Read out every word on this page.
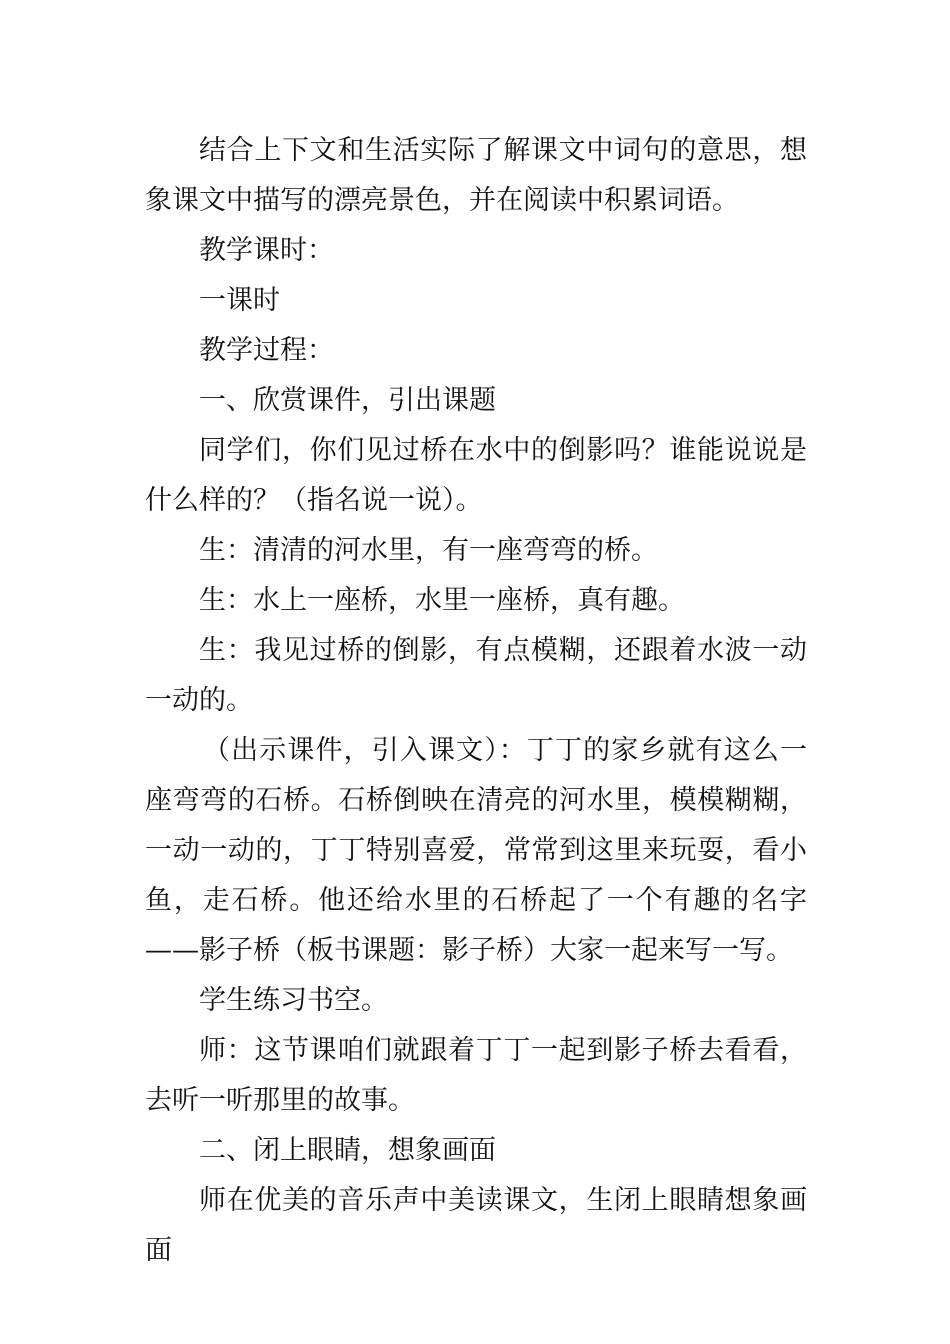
结合上下文和生活实际了解课文中词句的意思，想象课文中描写的漂亮景色，并在阅读中积累词语。

教学课时：

一课时

教学过程：

一、欣赏课件，引出课题

同学们，你们见过桥在水中的倒影吗？谁能说说是什么样的？（指名说一说）。

生：清清的河水里，有一座弯弯的桥。

生：水上一座桥，水里一座桥，真有趣。

生：我见过桥的倒影，有点模糊，还跟着水波一动一动的。

（出示课件，引入课文）：丁丁的家乡就有这么一座弯弯的石桥。石桥倒映在清亮的河水里，模模糊糊，一动一动的，丁丁特别喜爱，常常到这里来玩耍，看小鱼，走石桥。他还给水里的石桥起了一个有趣的名字——影子桥（板书课题：影子桥）大家一起来写一写。

学生练习书空。

师：这节课咱们就跟着丁丁一起到影子桥去看看，去听一听那里的故事。

二、闭上眼睛，想象画面

师在优美的音乐声中美读课文，生闭上眼睛想象画面
